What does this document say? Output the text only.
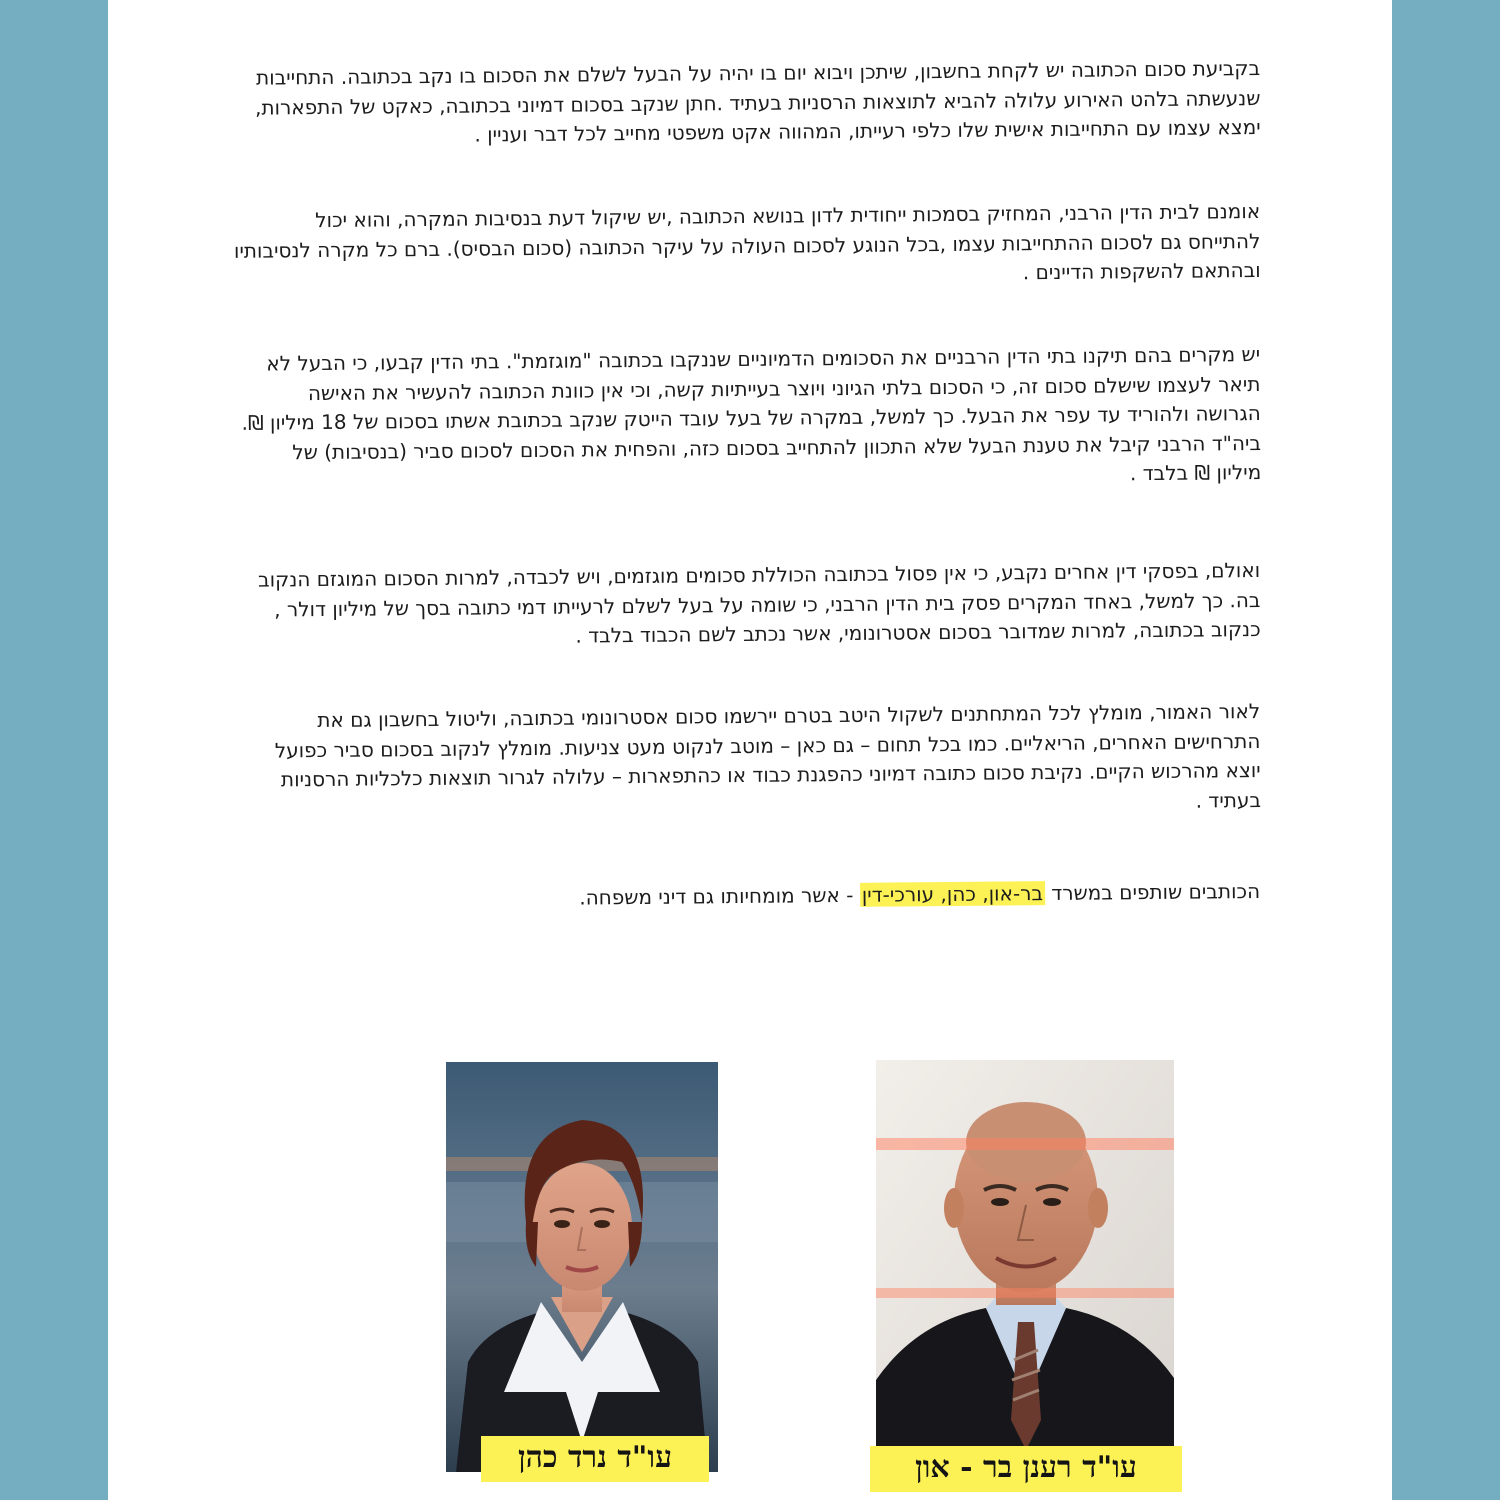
בקביעת סכום הכתובה יש לקחת בחשבון, שיתכן ויבוא יום בו יהיה על הבעל לשלם את הסכום בו נקב בכתובה. התחייבות
שנעשתה בלהט האירוע עלולה להביא לתוצאות הרסניות בעתיד .חתן שנקב בסכום דמיוני בכתובה, כאקט של התפארות,
ימצא עצמו עם התחייבות אישית שלו כלפי רעייתו, המהווה אקט משפטי מחייב לכל דבר ועניין .
אומנם לבית הדין הרבני, המחזיק בסמכות ייחודית לדון בנושא הכתובה ,יש שיקול דעת בנסיבות המקרה, והוא יכול
להתייחס גם לסכום ההתחייבות עצמו ,בכל הנוגע לסכום העולה על עיקר הכתובה (סכום הבסיס). ברם כל מקרה לנסיבותיו
ובהתאם להשקפות הדיינים .
יש מקרים בהם תיקנו בתי הדין הרבניים את הסכומים הדמיוניים שננקבו בכתובה "מוגזמת". בתי הדין קבעו, כי הבעל לא
תיאר לעצמו שישלם סכום זה, כי הסכום בלתי הגיוני ויוצר בעייתיות קשה, וכי אין כוונת הכתובה להעשיר את האישה
הגרושה ולהוריד עד עפר את הבעל. כך למשל, במקרה של בעל עובד הייטק שנקב בכתובת אשתו בסכום של 18 מיליון ₪.
ביה"ד הרבני קיבל את טענת הבעל שלא התכוון להתחייב בסכום כזה, והפחית את הסכום לסכום סביר (בנסיבות) של
מיליון ₪ בלבד .
ואולם, בפסקי דין אחרים נקבע, כי אין פסול בכתובה הכוללת סכומים מוגזמים, ויש לכבדה, למרות הסכום המוגזם הנקוב
בה. כך למשל, באחד המקרים פסק בית הדין הרבני, כי שומה על בעל לשלם לרעייתו דמי כתובה בסך של מיליון דולר ,
כנקוב בכתובה, למרות שמדובר בסכום אסטרונומי, אשר נכתב לשם הכבוד בלבד .
לאור האמור, מומלץ לכל המתחתנים לשקול היטב בטרם יירשמו סכום אסטרונומי בכתובה, וליטול בחשבון גם את
התרחישים האחרים, הריאליים. כמו בכל תחום – גם כאן – מוטב לנקוט מעט צניעות. מומלץ לנקוב בסכום סביר כפועל
יוצא מהרכוש הקיים. נקיבת סכום כתובה דמיוני כהפגנת כבוד או כהתפארות – עלולה לגרור תוצאות כלכליות הרסניות
בעתיד .
הכותבים שותפים במשרד בר-און, כהן, עורכי-דין - אשר מומחיותו גם דיני משפחה.
עו"ד נרד כהן	עו"ד רענן בר - און
